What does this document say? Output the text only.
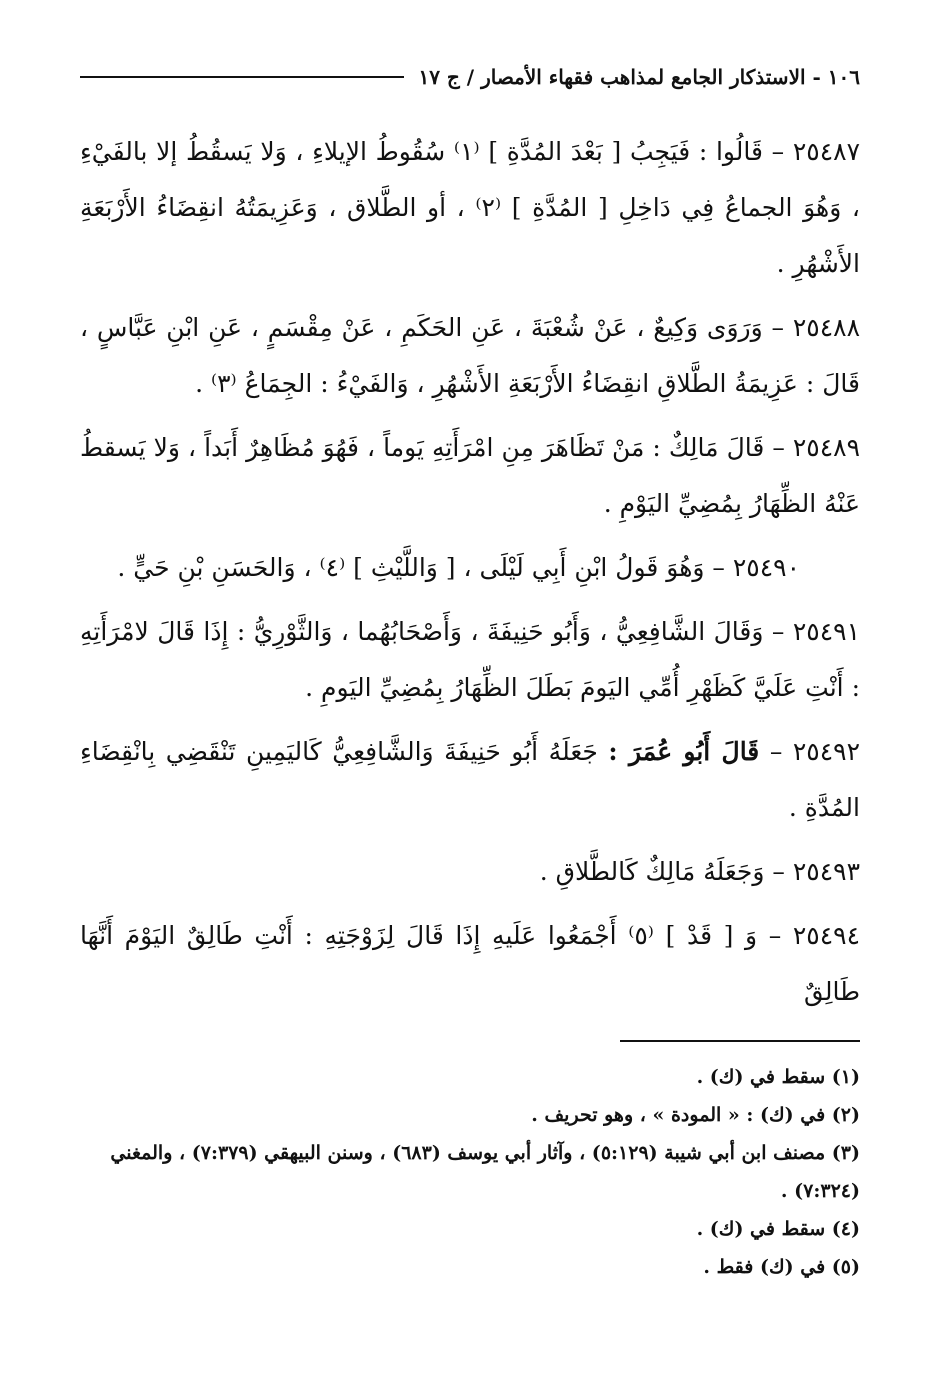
١٠٦ - الاستذكار الجامع لمذاهب فقهاء الأمصار / ج ١٧

٢٥٤٨٧ – قَالُوا : فَيَجِبُ [ بَعْدَ المُدَّةِ ] ⁽١⁾ سُقُوطُ الإيلاءِ ، وَلا يَسقُطُ إلا بالفَيْءِ ، وَهُوَ الجماعُ فِي دَاخِلِ [ المُدَّةِ ] ⁽٢⁾ ، أو الطَّلاق ، وَعَزِيمَتُهُ انقِضَاءُ الأَرْبَعَةِ الأَشْهُرِ .

٢٥٤٨٨ – وَرَوَى وَكِيعٌ ، عَنْ شُعْبَةَ ، عَنِ الحَكَمِ ، عَنْ مِقْسَمٍ ، عَنِ ابْنِ عَبَّاسٍ ، قَالَ : عَزِيمَةُ الطَّلاقِ انقِضَاءُ الأَرْبَعَةِ الأَشْهُرِ ، وَالفَيْءُ : الجِمَاعُ ⁽٣⁾ .

٢٥٤٨٩ – قَالَ مَالِكٌ : مَنْ تَظَاهَرَ مِنِ امْرَأَتِهِ يَوماً ، فَهُوَ مُظَاهِرٌ أَبَداً ، وَلا يَسقطُ عَنْهُ الظِّهَارُ بِمُضِيِّ اليَوْمِ .

٢٥٤٩٠ – وَهُوَ قَولُ ابْنِ أَبِي لَيْلَى ، [ وَاللَّيْثِ ] ⁽٤⁾ ، وَالحَسَنِ بْنِ حَيٍّ .

٢٥٤٩١ – وَقَالَ الشَّافِعِيُّ ، وَأَبُو حَنِيفَةَ ، وَأَصْحَابُهُما ، وَالثَّوْرِيُّ : إِذَا قَالَ لامْرَأَتِهِ : أَنْتِ عَلَيَّ كَظَهْرِ أُمِّي اليَومَ بَطَلَ الظِّهَارُ بِمُضِيِّ اليَومِ .

٢٥٤٩٢ – قَالَ أَبُو عُمَرَ : جَعَلَهُ أَبُو حَنِيفَةَ وَالشَّافِعِيُّ كَاليَمِينِ تَنْقَضِي بِانْقِضَاءِ المُدَّةِ .

٢٥٤٩٣ – وَجَعَلَهُ مَالِكٌ كَالطَّلاقِ .

٢٥٤٩٤ – وَ [ قَدْ ] ⁽٥⁾ أَجْمَعُوا عَلَيهِ إِذَا قَالَ لِزَوْجَتِهِ : أَنْتِ طَالِقٌ اليَوْمَ أَنَّهَا طَالِقٌ

(١) سقط في (ك) .

(٢) في (ك) : « المودة » ، وهو تحريف .

(٣) مصنف ابن أبي شيبة (٥:١٢٩) ، وآثار أبي يوسف (٦٨٣) ، وسنن البيهقي (٧:٣٧٩) ، والمغني (٧:٣٢٤) .

(٤) سقط في (ك) .

(٥) في (ك) فقط .
